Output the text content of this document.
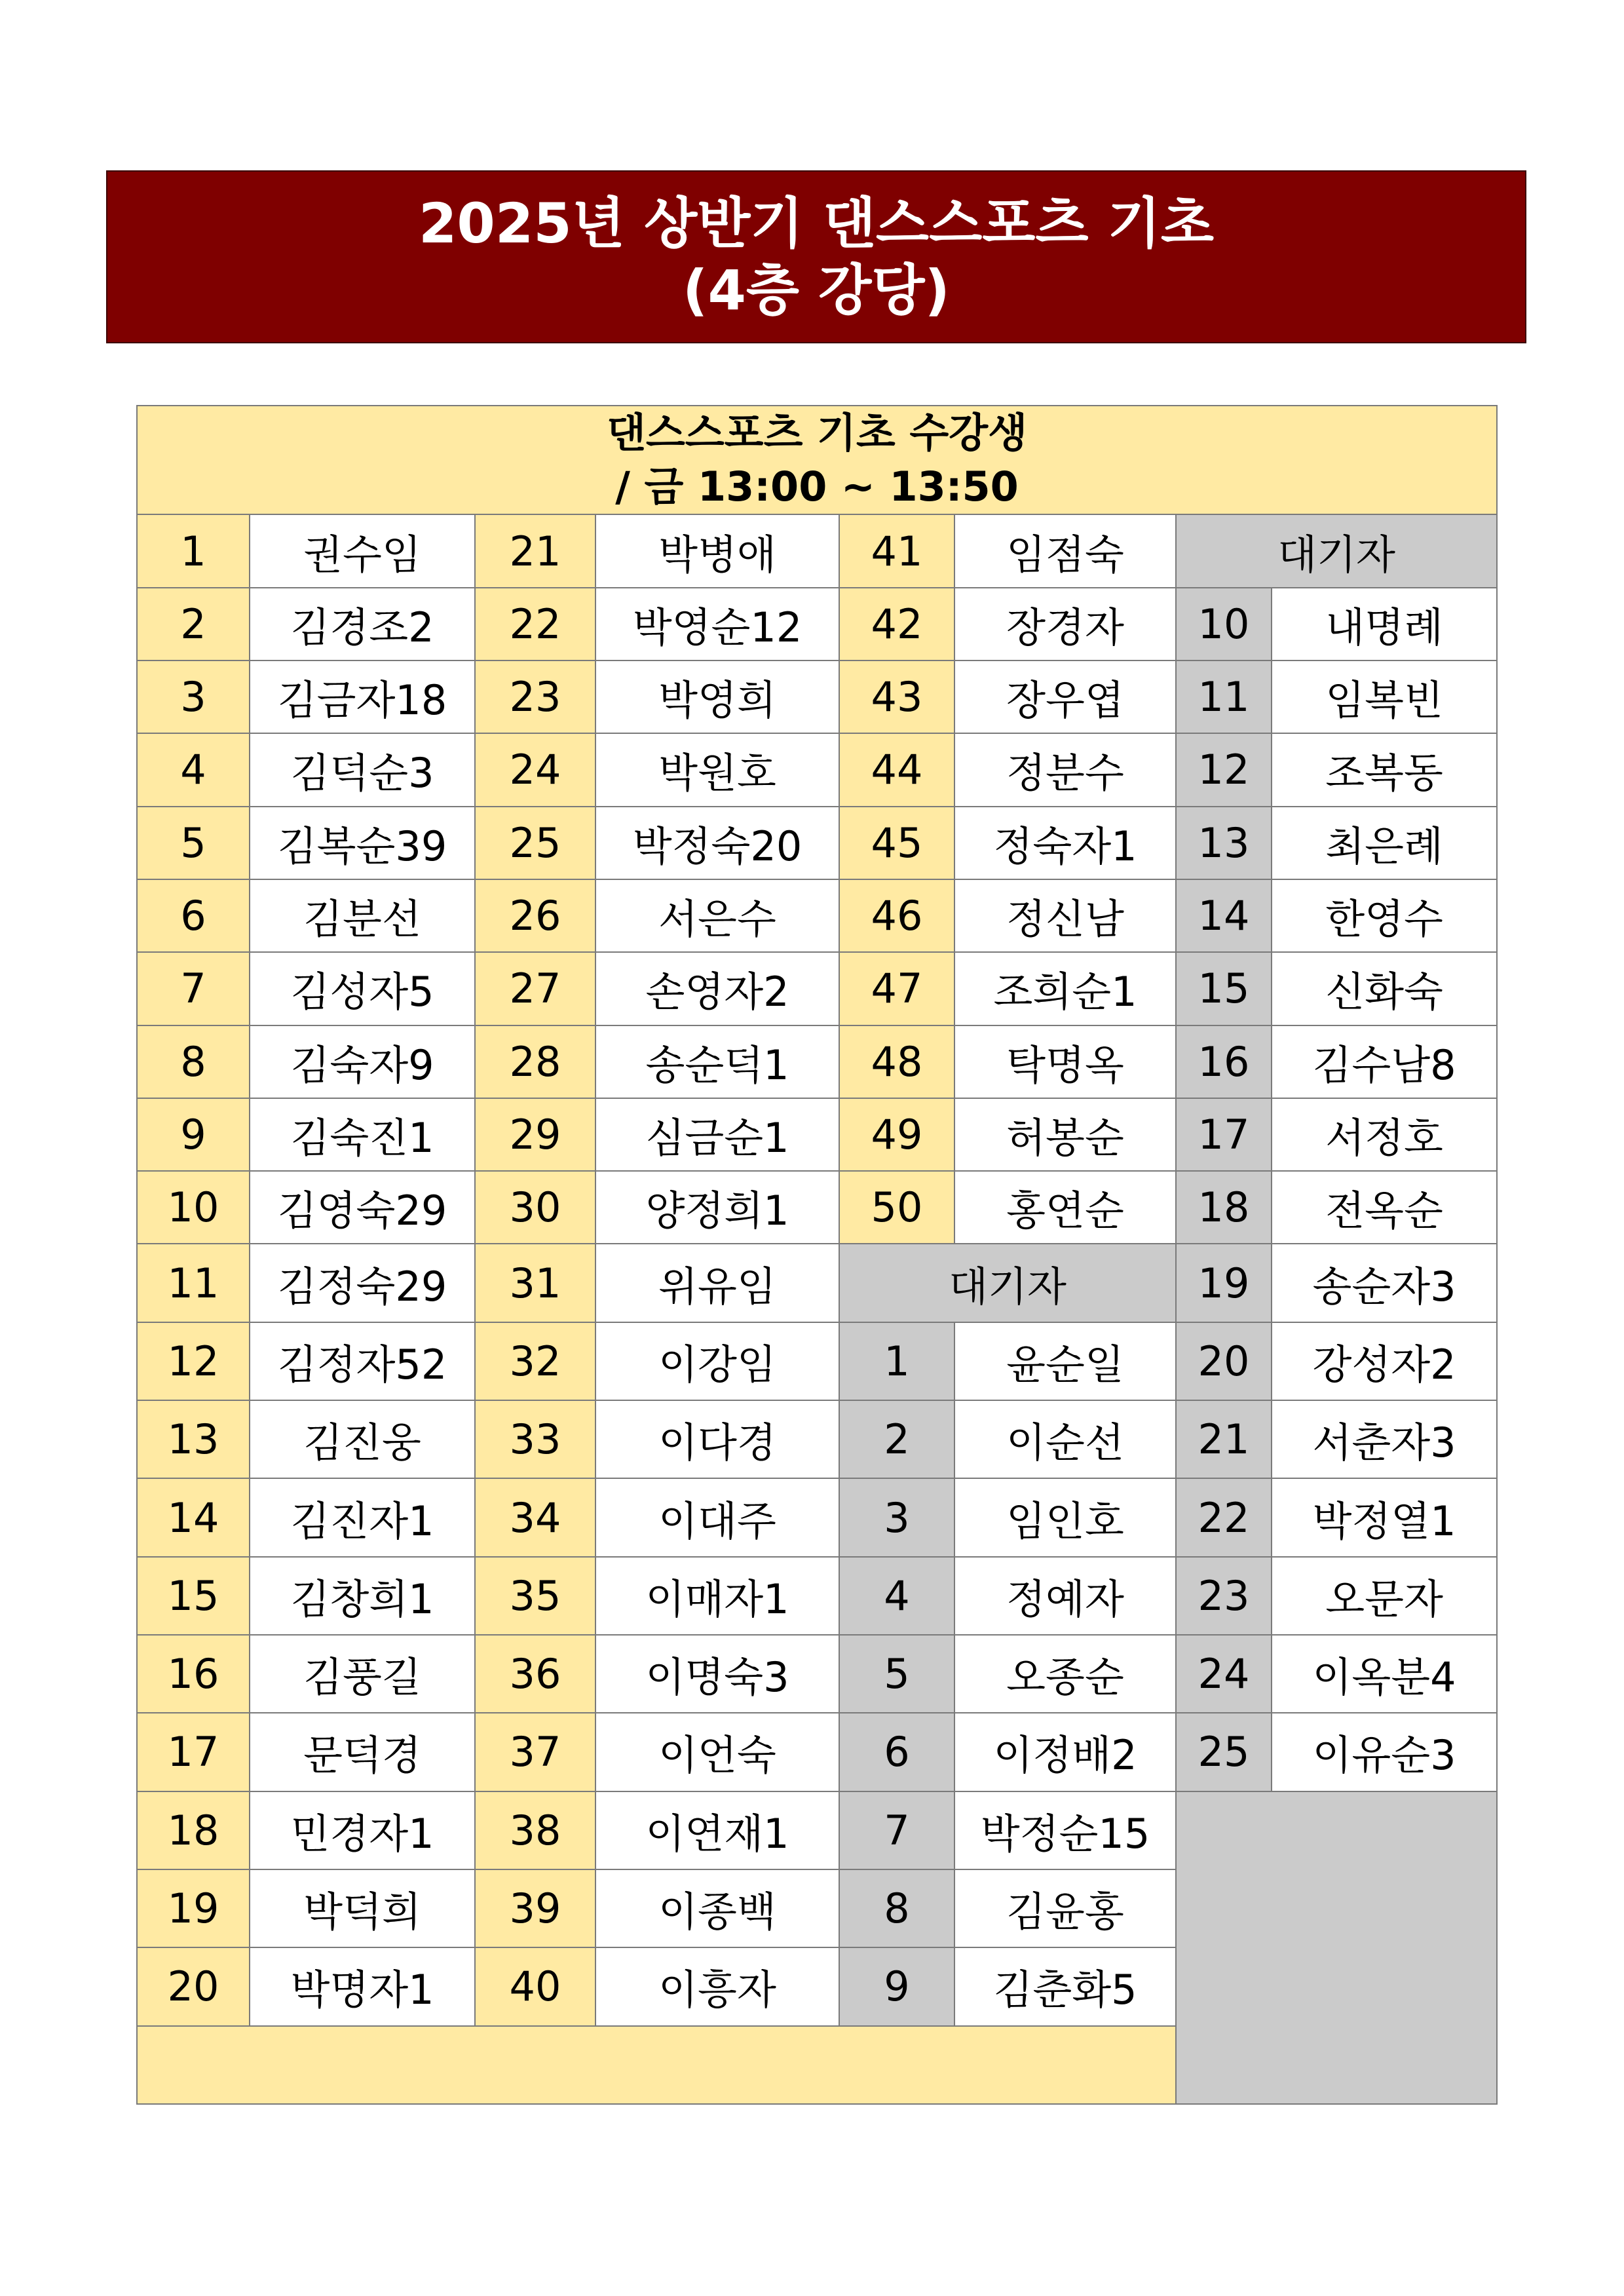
2025년 상반기 댄스스포츠 기초
(4층 강당)
댄스스포츠 기초 수강생
/ 금 13:00 ~ 13:50							

1	권수임	21	박병애	41	임점숙	대기자	
2	김경조2	22	박영순12	42	장경자	10	내명례
3	김금자18	23	박영희	43	장우엽	11	임복빈
4	김덕순3	24	박원호	44	정분수	12	조복동
5	김복순39	25	박정숙20	45	정숙자1	13	최은례
6	김분선	26	서은수	46	정신남	14	한영수
7	김성자5	27	손영자2	47	조희순1	15	신화숙
8	김숙자9	28	송순덕1	48	탁명옥	16	김수남8
9	김숙진1	29	심금순1	49	허봉순	17	서정호
10	김영숙29	30	양정희1	50	홍연순	18	전옥순
11	김정숙29	31	위유임	대기자		19	송순자3
12	김정자52	32	이강임	1	윤순일	20	강성자2
13	김진웅	33	이다경	2	이순선	21	서춘자3
14	김진자1	34	이대주	3	임인호	22	박정열1
15	김창희1	35	이매자1	4	정예자	23	오문자
16	김풍길	36	이명숙3	5	오종순	24	이옥분4
17	문덕경	37	이언숙	6	이정배2	25	이유순3
18	민경자1	38	이연재1	7	박정순15		
19	박덕희	39	이종백	8	김윤홍		
20	박명자1	40	이흥자	9	김춘화5		
